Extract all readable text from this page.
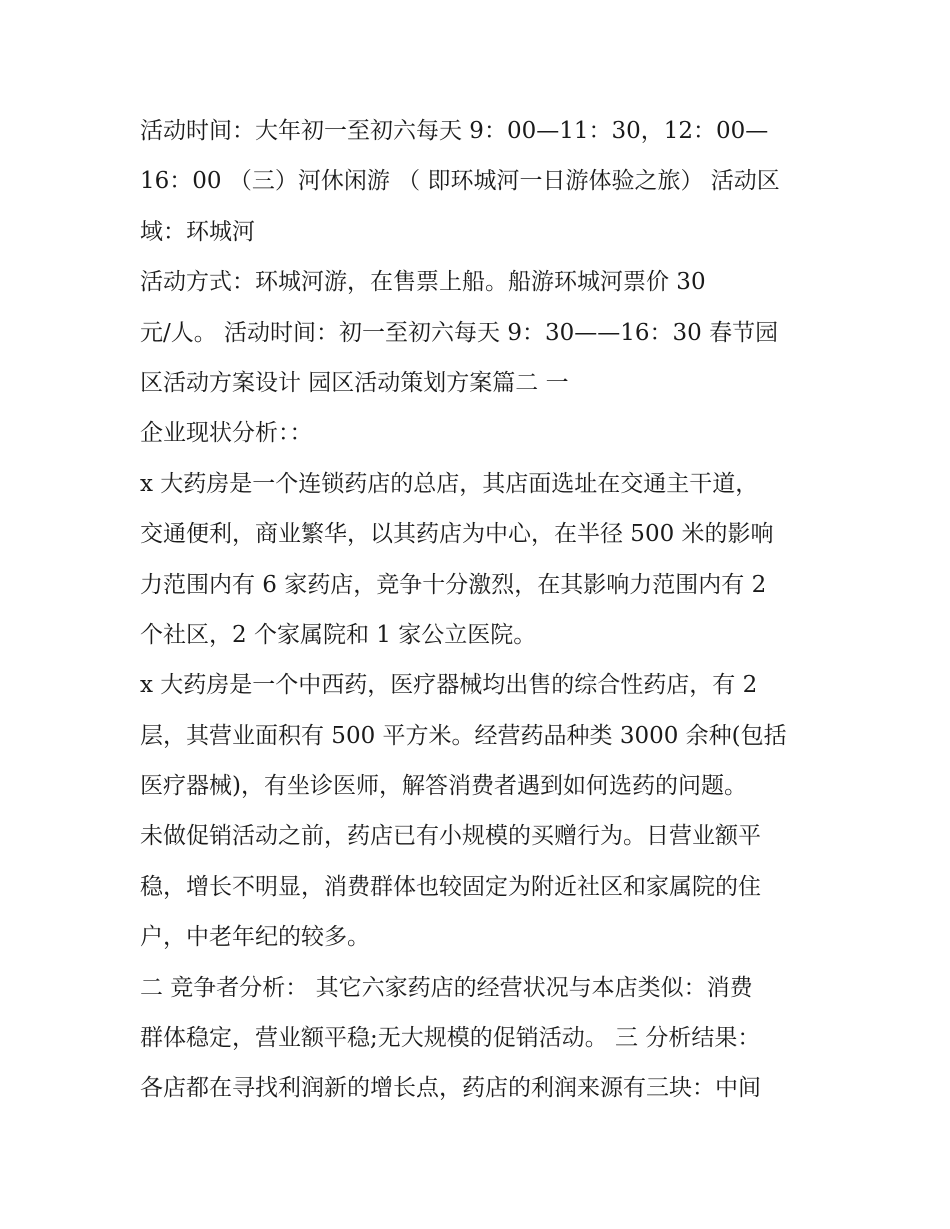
活动时间：大年初一至初六每天 9：00—11：30，12：00—
16：00 （三）河休闲游 （ 即环城河一日游体验之旅） 活动区
域：环城河
活动方式：环城河游，在售票上船。船游环城河票价 30
元/人。 活动时间：初一至初六每天 9：30——16：30 春节园
区活动方案设计 园区活动策划方案篇二 一
企业现状分析：：
x 大药房是一个连锁药店的总店，其店面选址在交通主干道，
交通便利，商业繁华，以其药店为中心，在半径 500 米的影响
力范围内有 6 家药店，竞争十分激烈，在其影响力范围内有 2
个社区，2 个家属院和 1 家公立医院。
x 大药房是一个中西药，医疗器械均出售的综合性药店，有 2
层，其营业面积有 500 平方米。经营药品种类 3000 余种(包括
医疗器械)，有坐诊医师，解答消费者遇到如何选药的问题。
未做促销活动之前，药店已有小规模的买赠行为。日营业额平
稳，增长不明显，消费群体也较固定为附近社区和家属院的住
户，中老年纪的较多。
二 竞争者分析： 其它六家药店的经营状况与本店类似：消费
群体稳定，营业额平稳;无大规模的促销活动。 三 分析结果：
各店都在寻找利润新的增长点，药店的利润来源有三块：中间
